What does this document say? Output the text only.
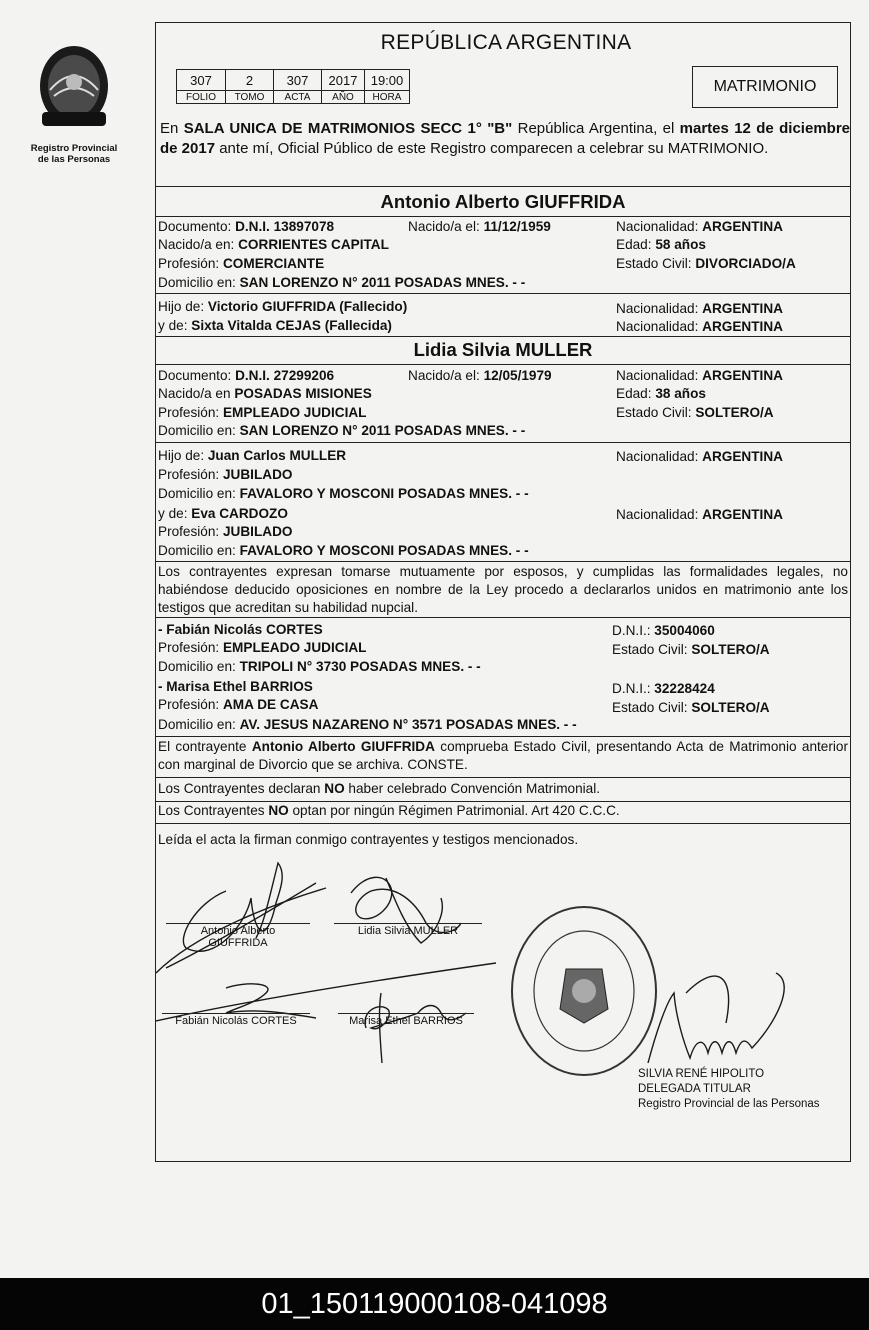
Registro Provincial
de las Personas
REPÚBLICA ARGENTINA
307	2	307	2017	19:00
FOLIO	TOMO	ACTA	AÑO	HORA
MATRIMONIO
En SALA UNICA DE MATRIMONIOS SECC 1° "B" República Argentina, el martes 12 de diciembre de 2017 ante mí, Oficial Público de este Registro comparecen a celebrar su MATRIMONIO.
Antonio Alberto GIUFFRIDA
Documento: D.N.I. 13897078	Nacido/a el: 11/12/1959	Nacionalidad: ARGENTINA
Nacido/a en: CORRIENTES CAPITAL	Edad: 58 años
Profesión: COMERCIANTE	Estado Civil: DIVORCIADO/A
Domicilio en: SAN LORENZO N° 2011 POSADAS MNES. - -
Hijo de: Victorio GIUFFRIDA (Fallecido)	Nacionalidad: ARGENTINA
y de: Sixta Vitalda CEJAS (Fallecida)	Nacionalidad: ARGENTINA
Lidia Silvia MULLER
Documento: D.N.I. 27299206	Nacido/a el: 12/05/1979	Nacionalidad: ARGENTINA
Nacido/a en POSADAS MISIONES	Edad: 38 años
Profesión: EMPLEADO JUDICIAL	Estado Civil: SOLTERO/A
Domicilio en: SAN LORENZO N° 2011 POSADAS MNES. - -
Hijo de: Juan Carlos MULLER	Nacionalidad: ARGENTINA
Profesión: JUBILADO
Domicilio en: FAVALORO Y MOSCONI POSADAS MNES. - -
y de: Eva CARDOZO	Nacionalidad: ARGENTINA
Profesión: JUBILADO
Domicilio en: FAVALORO Y MOSCONI POSADAS MNES. - -
Los contrayentes expresan tomarse mutuamente por esposos, y cumplidas las formalidades legales, no habiéndose deducido oposiciones en nombre de la Ley procedo a declararlos unidos en matrimonio ante los testigos que acreditan su habilidad nupcial.
- Fabián Nicolás CORTES	D.N.I.: 35004060
Profesión: EMPLEADO JUDICIAL	Estado Civil: SOLTERO/A
Domicilio en: TRIPOLI N° 3730 POSADAS MNES. - -
- Marisa Ethel BARRIOS	D.N.I.: 32228424
Profesión: AMA DE CASA	Estado Civil: SOLTERO/A
Domicilio en: AV. JESUS NAZARENO N° 3571 POSADAS MNES. - -
El contrayente Antonio Alberto GIUFFRIDA comprueba Estado Civil, presentando Acta de Matrimonio anterior con marginal de Divorcio que se archiva. CONSTE.
Los Contrayentes declaran NO haber celebrado Convención Matrimonial.
Los Contrayentes NO optan por ningún Régimen Patrimonial. Art 420 C.C.C.
Leída el acta la firman conmigo contrayentes y testigos mencionados.
Antonio Alberto
GIUFFRIDA
Lidia Silvia MULLER
Fabián Nicolás CORTES	Marisa Ethel BARRIOS
SILVIA RENÉ HIPOLITO
DELEGADA TITULAR
Registro Provincial de las Personas
01_150119000108-041098
